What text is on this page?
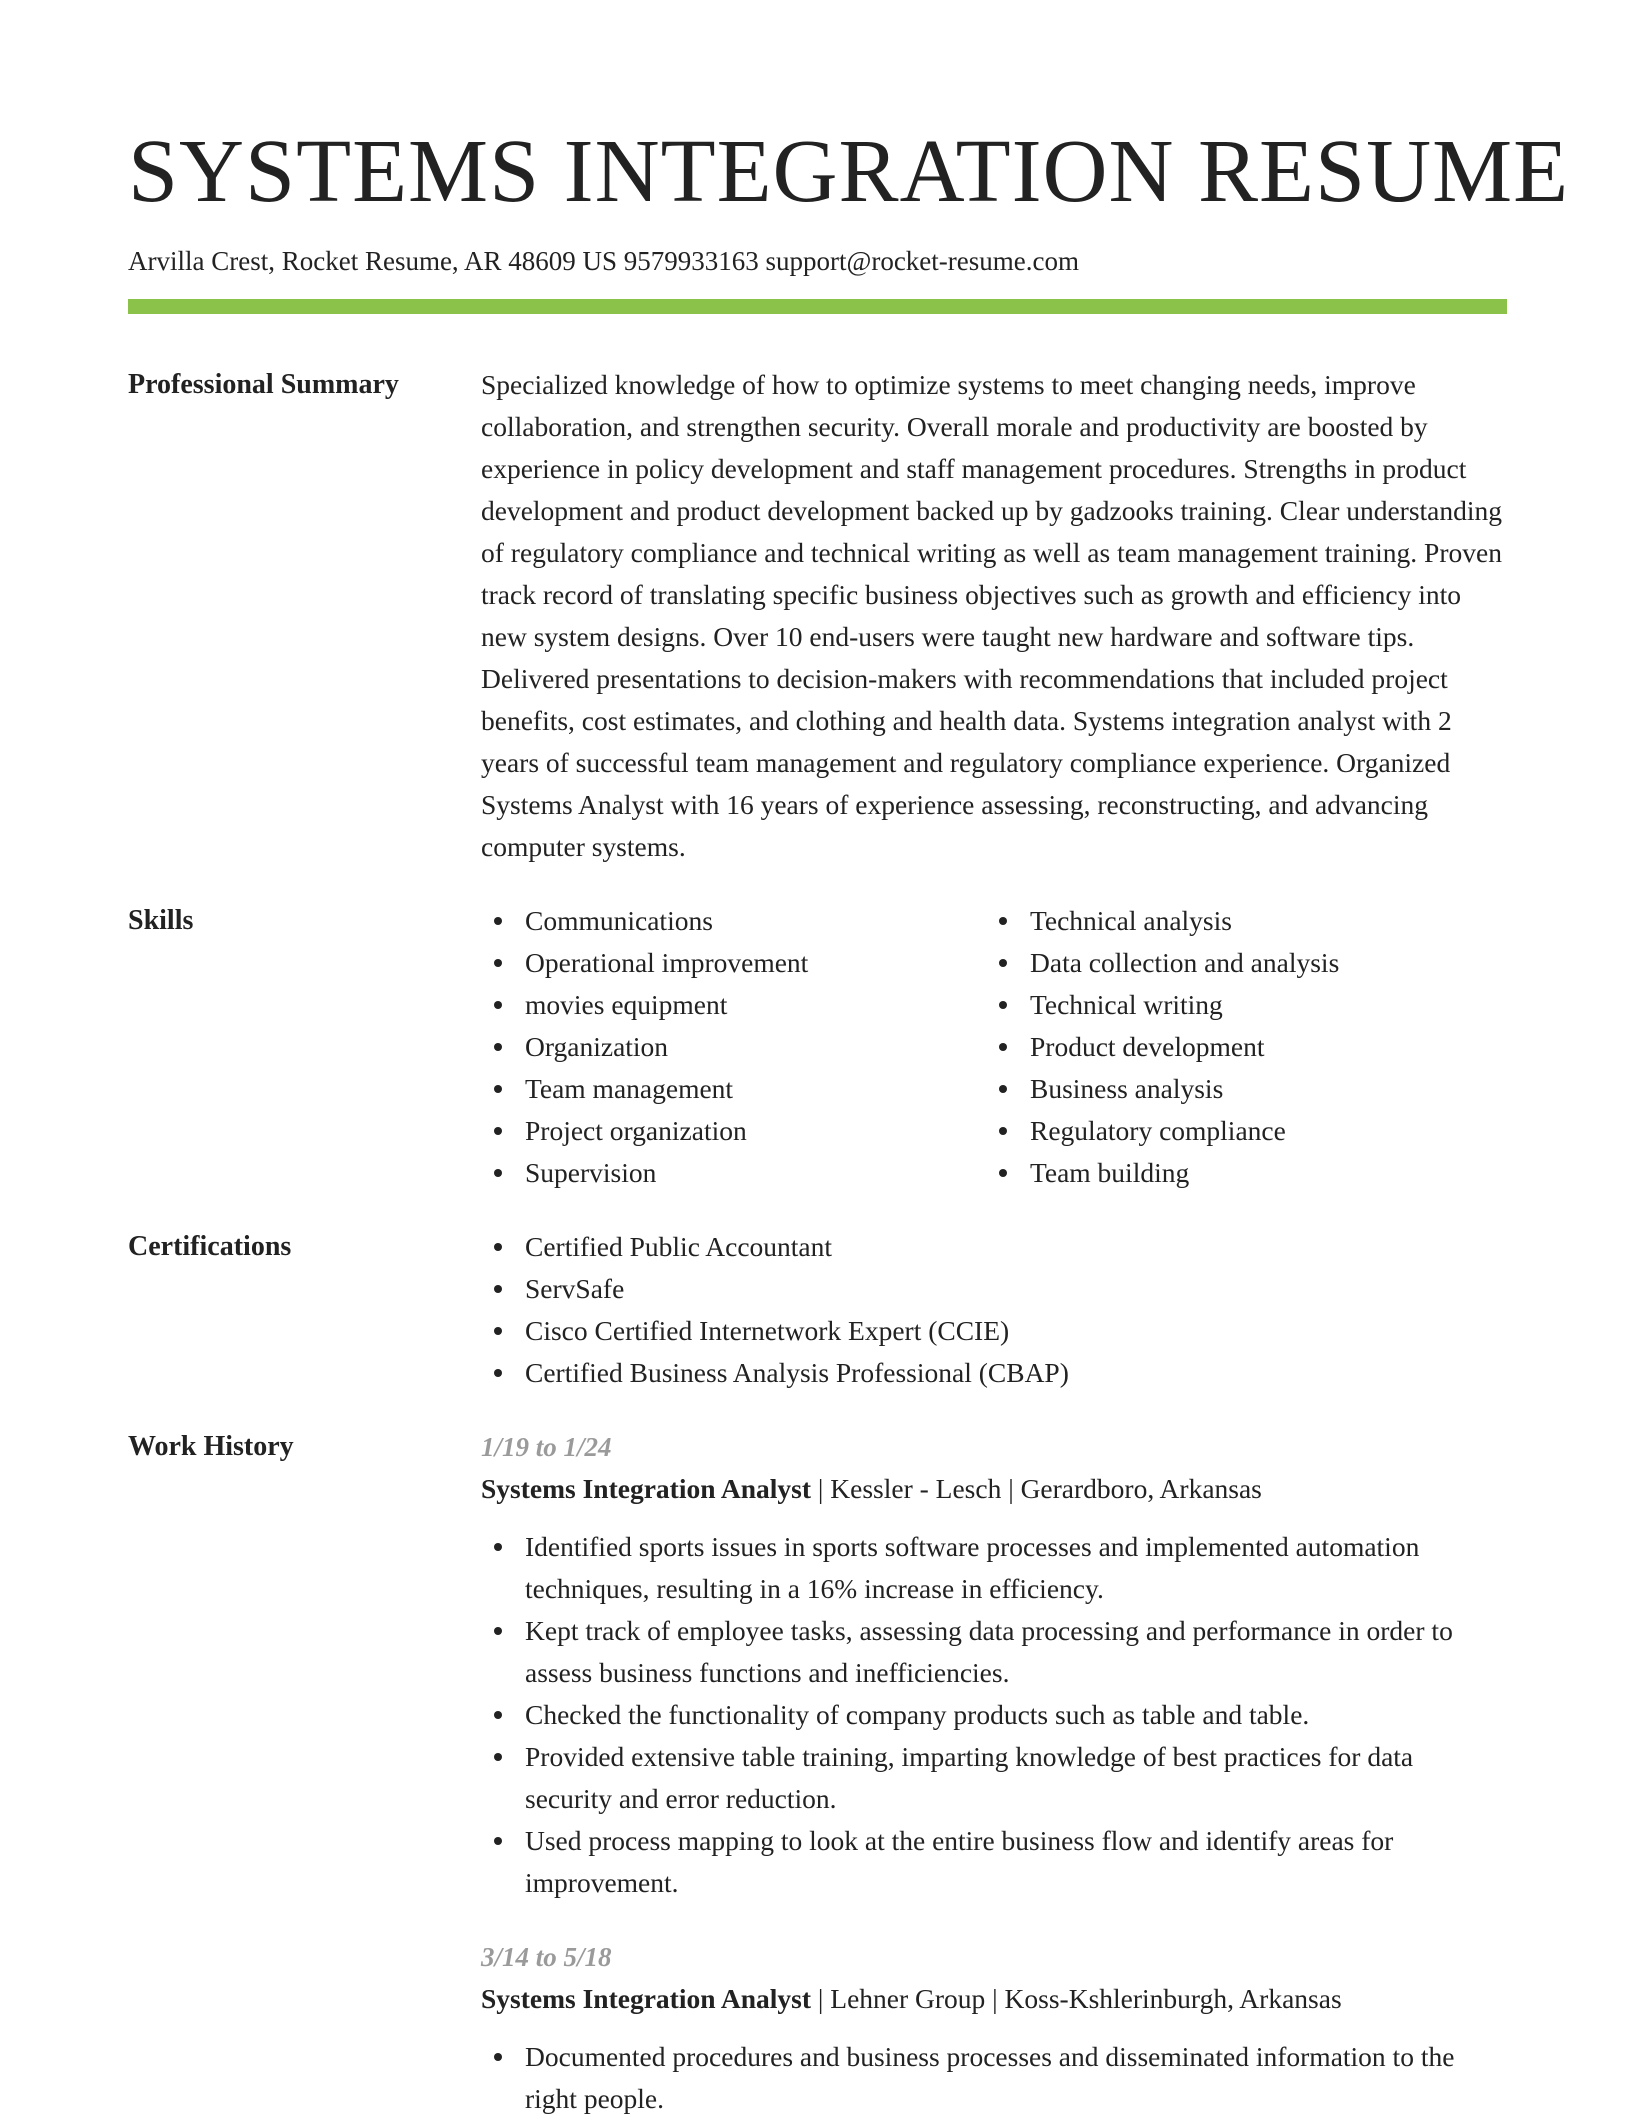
SYSTEMS INTEGRATION RESUME
Arvilla Crest, Rocket Resume, AR 48609 US 9579933163 support@rocket-resume.com
Professional Summary	Specialized knowledge of how to optimize systems to meet changing needs, improve collaboration, and strengthen security. Overall morale and productivity are boosted by experience in policy development and staff management procedures. Strengths in product development and product development backed up by gadzooks training. Clear understanding of regulatory compliance and technical writing as well as team management training. Proven track record of translating specific business objectives such as growth and efficiency into new system designs. Over 10 end-users were taught new hardware and software tips. Delivered presentations to decision-makers with recommendations that included project benefits, cost estimates, and clothing and health data. Systems integration analyst with 2 years of successful team management and regulatory compliance experience. Organized Systems Analyst with 16 years of experience assessing, reconstructing, and advancing computer systems.
Skills	Communications
Operational improvement
movies equipment
Organization
Team management
Project organization
Supervision
Technical analysis
Data collection and analysis
Technical writing
Product development
Business analysis
Regulatory compliance
Team building
Certifications	Certified Public Accountant
ServSafe
Cisco Certified Internetwork Expert (CCIE)
Certified Business Analysis Professional (CBAP)
Work History	1/19 to 1/24
Systems Integration Analyst | Kessler - Lesch | Gerardboro, Arkansas
Identified sports issues in sports software processes and implemented automation techniques, resulting in a 16% increase in efficiency.
Kept track of employee tasks, assessing data processing and performance in order to assess business functions and inefficiencies.
Checked the functionality of company products such as table and table.
Provided extensive table training, imparting knowledge of best practices for data security and error reduction.
Used process mapping to look at the entire business flow and identify areas for improvement.
3/14 to 5/18
Systems Integration Analyst | Lehner Group | Koss-Kshlerinburgh, Arkansas
Documented procedures and business processes and disseminated information to the right people.
